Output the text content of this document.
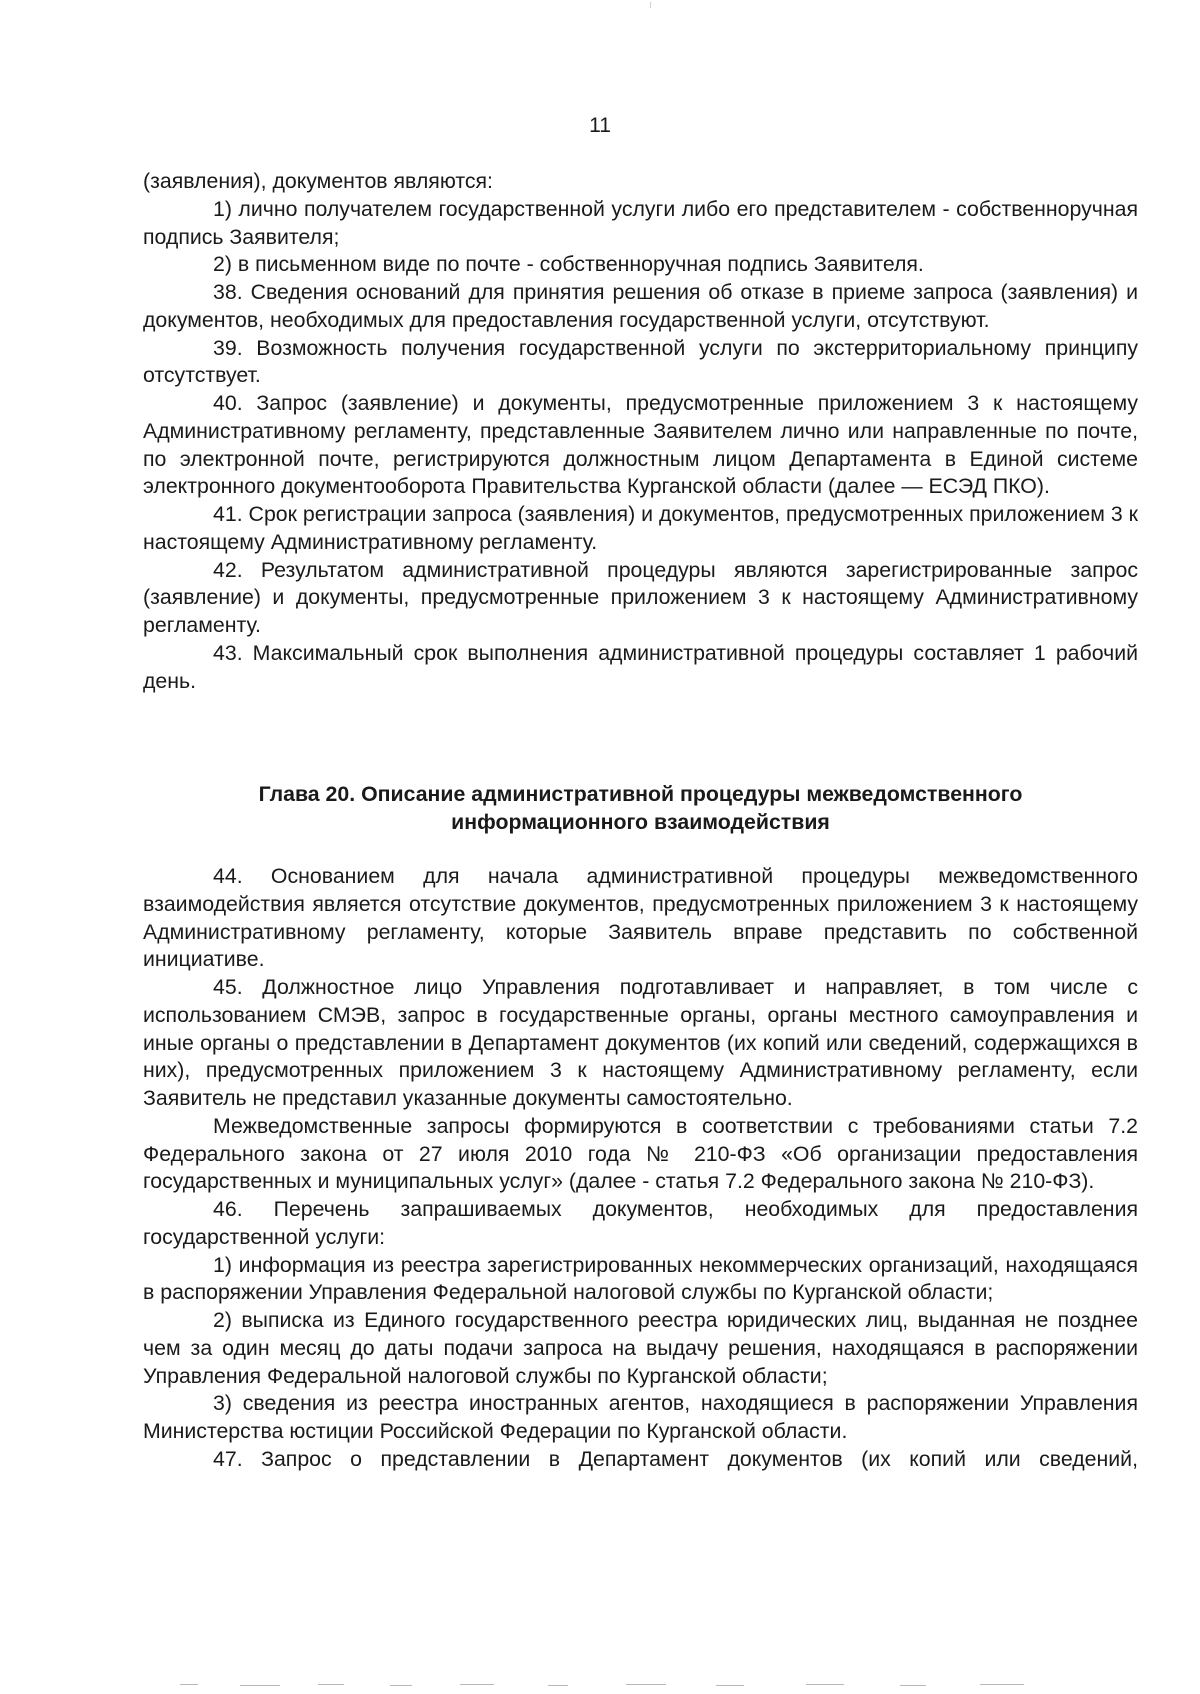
11

(заявления), документов являются:

1) лично получателем государственной услуги либо его представителем - собственноручная подпись Заявителя;

2) в письменном виде по почте - собственноручная подпись Заявителя.

38. Сведения оснований для принятия решения об отказе в приеме запроса (заявления) и документов, необходимых для предоставления государственной услуги, отсутствуют.

39. Возможность получения государственной услуги по экстерриториальному принципу отсутствует.

40. Запрос (заявление) и документы, предусмотренные приложением 3 к настоящему Административному регламенту, представленные Заявителем лично или направленные по почте, по электронной почте, регистрируются должностным лицом Департамента в Единой системе электронного документооборота Правительства Курганской области (далее — ЕСЭД ПКО).

41. Срок регистрации запроса (заявления) и документов, предусмотренных приложением 3 к настоящему Административному регламенту.

42. Результатом административной процедуры являются зарегистрированные запрос (заявление) и документы, предусмотренные приложением 3 к настоящему Административному регламенту.

43. Максимальный срок выполнения административной процедуры составляет 1 рабочий день.

Глава 20. Описание административной процедуры межведомственного
информационного взаимодействия

44. Основанием для начала административной процедуры межведомственного взаимодействия является отсутствие документов, предусмотренных приложением 3 к настоящему Административному регламенту, которые Заявитель вправе представить по собственной инициативе.

45. Должностное лицо Управления подготавливает и направляет, в том числе с использованием СМЭВ, запрос в государственные органы, органы местного самоуправления и иные органы о представлении в Департамент документов (их копий или сведений, содержащихся в них), предусмотренных приложением 3 к настоящему Административному регламенту, если Заявитель не представил указанные документы самостоятельно.

Межведомственные запросы формируются в соответствии с требованиями статьи 7.2 Федерального закона от 27 июля 2010 года № 210-ФЗ «Об организации предоставления государственных и муниципальных услуг» (далее - статья 7.2 Федерального закона № 210-ФЗ).

46. Перечень запрашиваемых документов, необходимых для предоставления государственной услуги:

1) информация из реестра зарегистрированных некоммерческих организаций, находящаяся в распоряжении Управления Федеральной налоговой службы по Курганской области;

2) выписка из Единого государственного реестра юридических лиц, выданная не позднее чем за один месяц до даты подачи запроса на выдачу решения, находящаяся в распоряжении Управления Федеральной налоговой службы по Курганской области;

3) сведения из реестра иностранных агентов, находящиеся в распоряжении Управления Министерства юстиции Российской Федерации по Курганской области.

47. Запрос о представлении в Департамент документов (их копий или сведений,
